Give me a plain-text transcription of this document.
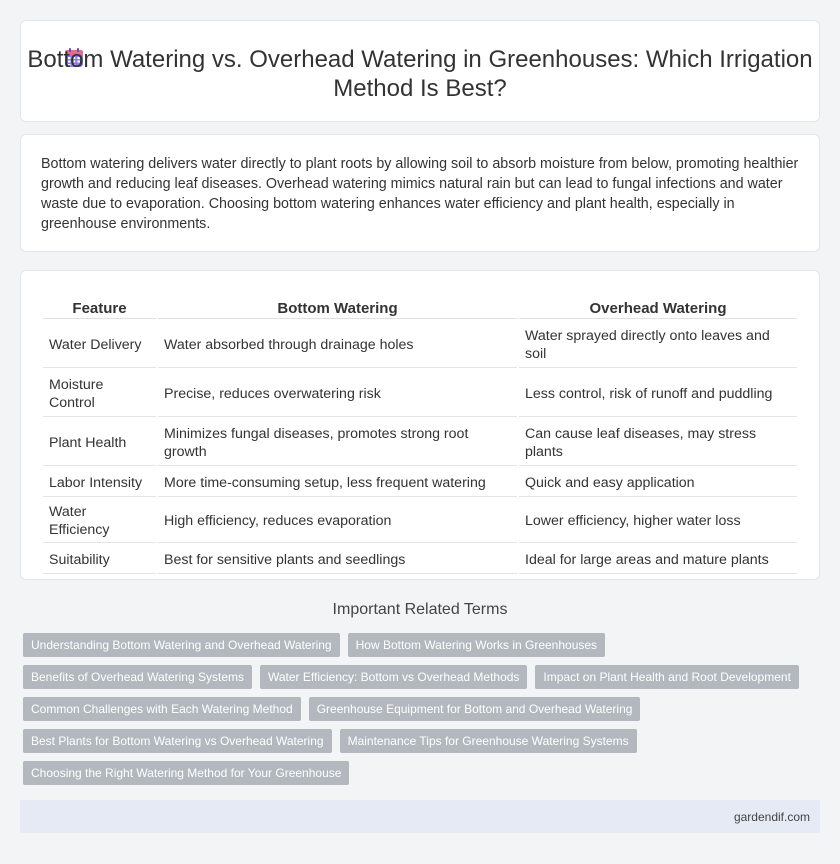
Bottom Watering vs. Overhead Watering in Greenhouses: Which Irrigation Method Is Best?

Bottom watering delivers water directly to plant roots by allowing soil to absorb moisture from below, promoting healthier growth and reducing leaf diseases. Overhead watering mimics natural rain but can lead to fungal infections and water waste due to evaporation. Choosing bottom watering enhances water efficiency and plant health, especially in greenhouse environments.

Feature	Bottom Watering	Overhead Watering
Water Delivery	Water absorbed through drainage holes	Water sprayed directly onto leaves and soil
Moisture Control	Precise, reduces overwatering risk	Less control, risk of runoff and puddling
Plant Health	Minimizes fungal diseases, promotes strong root growth	Can cause leaf diseases, may stress plants
Labor Intensity	More time-consuming setup, less frequent watering	Quick and easy application
Water Efficiency	High efficiency, reduces evaporation	Lower efficiency, higher water loss
Suitability	Best for sensitive plants and seedlings	Ideal for large areas and mature plants
Important Related Terms
Understanding Bottom Watering and Overhead Watering	How Bottom Watering Works in Greenhouses
Benefits of Overhead Watering Systems	Water Efficiency: Bottom vs Overhead Methods	Impact on Plant Health and Root Development
Common Challenges with Each Watering Method	Greenhouse Equipment for Bottom and Overhead Watering
Best Plants for Bottom Watering vs Overhead Watering	Maintenance Tips for Greenhouse Watering Systems
Choosing the Right Watering Method for Your Greenhouse
gardendif.com
